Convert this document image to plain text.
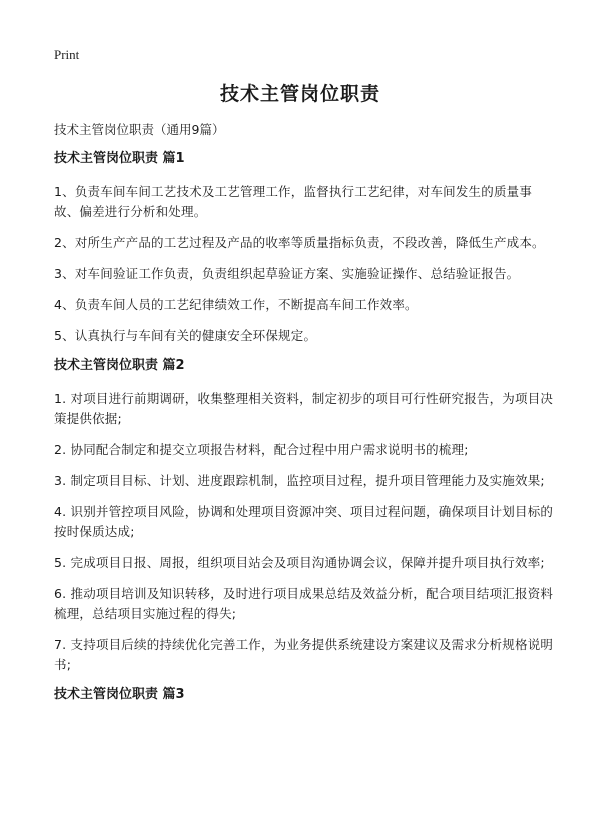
Print
技术主管岗位职责

技术主管岗位职责（通用9篇）

技术主管岗位职责 篇1

1、负责车间车间工艺技术及工艺管理工作，监督执行工艺纪律，对车间发生的质量事故、偏差进行分析和处理。

2、对所生产产品的工艺过程及产品的收率等质量指标负责，不段改善，降低生产成本。

3、对车间验证工作负责，负责组织起草验证方案、实施验证操作、总结验证报告。

4、负责车间人员的工艺纪律绩效工作，不断提高车间工作效率。

5、认真执行与车间有关的健康安全环保规定。

技术主管岗位职责 篇2

1. 对项目进行前期调研，收集整理相关资料，制定初步的项目可行性研究报告，为项目决策提供依据;

2. 协同配合制定和提交立项报告材料，配合过程中用户需求说明书的梳理;

3. 制定项目目标、计划、进度跟踪机制，监控项目过程，提升项目管理能力及实施效果;

4. 识别并管控项目风险，协调和处理项目资源冲突、项目过程问题，确保项目计划目标的按时保质达成;

5. 完成项目日报、周报，组织项目站会及项目沟通协调会议，保障并提升项目执行效率;

6. 推动项目培训及知识转移，及时进行项目成果总结及效益分析，配合项目结项汇报资料梳理，总结项目实施过程的得失;

7. 支持项目后续的持续优化完善工作，为业务提供系统建设方案建议及需求分析规格说明书;

技术主管岗位职责 篇3
